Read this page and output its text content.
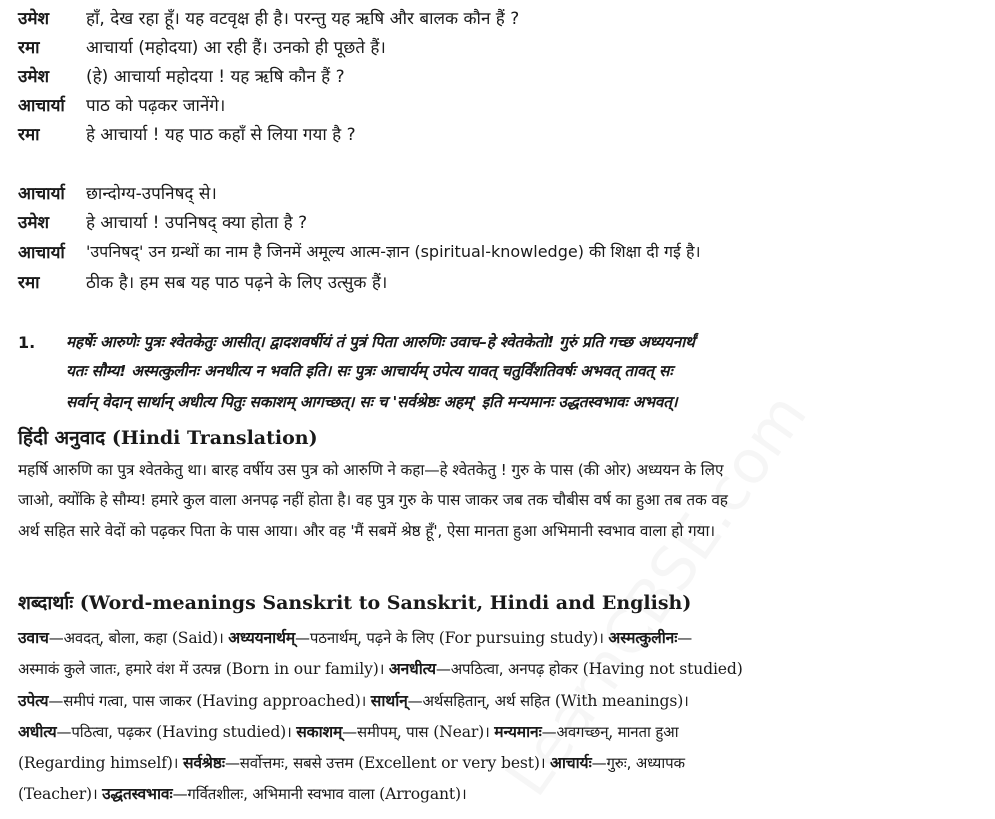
उमेश	हाँ, देख रहा हूँ। यह वटवृक्ष ही है। परन्तु यह ऋषि और बालक कौन हैं ?
रमा	आचार्या (महोदया) आ रही हैं। उनको ही पूछते हैं।
उमेश	(हे) आचार्या महोदया ! यह ऋषि कौन हैं ?
आचार्या	पाठ को पढ़कर जानेंगे।
रमा	हे आचार्या ! यह पाठ कहाँ से लिया गया है ?
आचार्या	छान्दोग्य-उपनिषद् से।
उमेश	हे आचार्या ! उपनिषद् क्या होता है ?
आचार्या	'उपनिषद्' उन ग्रन्थों का नाम है जिनमें अमूल्य आत्म-ज्ञान (spiritual-knowledge) की शिक्षा दी गई है।
रमा	ठीक है। हम सब यह पाठ पढ़ने के लिए उत्सुक हैं।
1. महर्षेः आरुणेः पुत्रः श्वेतकेतुः आसीत्। द्वादशवर्षीयं तं पुत्रं पिता आरुणिः उवाच–हे श्वेतकेतो! गुरुं प्रति गच्छ अध्ययनार्थं
यतः सौम्य! अस्मत्कुलीनः अनधीत्य न भवति इति। सः पुत्रः आचार्यम् उपेत्य यावत् चतुर्विंशतिवर्षः अभवत् तावत् सः
सर्वान् वेदान् सार्थान् अधीत्य पितुः सकाशम् आगच्छत्। सः च 'सर्वश्रेष्ठः अहम्' इति मन्यमानः उद्धतस्वभावः अभवत्।
हिंदी अनुवाद (Hindi Translation)
महर्षि आरुणि का पुत्र श्वेतकेतु था। बारह वर्षीय उस पुत्र को आरुणि ने कहा—हे श्वेतकेतु ! गुरु के पास (की ओर) अध्ययन के लिए
जाओ, क्योंकि हे सौम्य! हमारे कुल वाला अनपढ़ नहीं होता है। वह पुत्र गुरु के पास जाकर जब तक चौबीस वर्ष का हुआ तब तक वह
अर्थ सहित सारे वेदों को पढ़कर पिता के पास आया। और वह 'मैं सबमें श्रेष्ठ हूँ', ऐसा मानता हुआ अभिमानी स्वभाव वाला हो गया।
शब्दार्थाः (Word-meanings Sanskrit to Sanskrit, Hindi and English)
उवाच—अवदत्, बोला, कहा (Said)। अध्ययनार्थम्—पठनार्थम्, पढ़ने के लिए (For pursuing study)। अस्मत्कुलीनः—
अस्माकं कुले जातः, हमारे वंश में उत्पन्न (Born in our family)। अनधीत्य—अपठित्वा, अनपढ़ होकर (Having not studied)
उपेत्य—समीपं गत्वा, पास जाकर (Having approached)। सार्थान्—अर्थसहितान्, अर्थ सहित (With meanings)।
अधीत्य—पठित्वा, पढ़कर (Having studied)। सकाशम्—समीपम्, पास (Near)। मन्यमानः—अवगच्छन्, मानता हुआ
(Regarding himself)। सर्वश्रेष्ठः—सर्वोत्तमः, सबसे उत्तम (Excellent or very best)। आचार्यः—गुरुः, अध्यापक
(Teacher)। उद्धतस्वभावः—गर्वितशीलः, अभिमानी स्वभाव वाला (Arrogant)।
